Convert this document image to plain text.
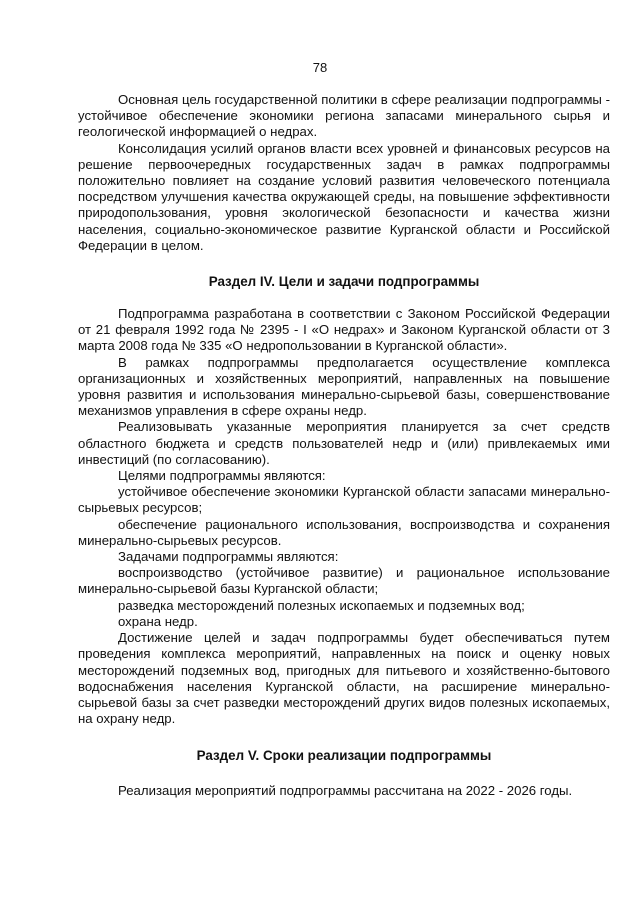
78

Основная цель государственной политики в сфере реализации подпрограммы - устойчивое обеспечение экономики региона запасами минерального сырья и геологической информацией о недрах.

Консолидация усилий органов власти всех уровней и финансовых ресурсов на решение первоочередных государственных задач в рамках подпрограммы положительно повлияет на создание условий развития человеческого потенциала посредством улучшения качества окружающей среды, на повышение эффективности природопользования, уровня экологической безопасности и качества жизни населения, социально-экономическое развитие Курганской области и Российской Федерации в целом.

Раздел IV. Цели и задачи подпрограммы

Подпрограмма разработана в соответствии с Законом Российской Федерации от 21 февраля 1992 года № 2395 - I «О недрах» и Законом Курганской области от 3 марта 2008 года № 335 «О недропользовании в Курганской области».

В рамках подпрограммы предполагается осуществление комплекса организационных и хозяйственных мероприятий, направленных на повышение уровня развития и использования минерально-сырьевой базы, совершенствование механизмов управления в сфере охраны недр.

Реализовывать указанные мероприятия планируется за счет средств областного бюджета и средств пользователей недр и (или) привлекаемых ими инвестиций (по согласованию).

Целями подпрограммы являются:

устойчивое обеспечение экономики Курганской области запасами минерально-сырьевых ресурсов;

обеспечение рационального использования, воспроизводства и сохранения минерально-сырьевых ресурсов.

Задачами подпрограммы являются:

воспроизводство (устойчивое развитие) и рациональное использование минерально-сырьевой базы Курганской области;

разведка месторождений полезных ископаемых и подземных вод;

охрана недр.

Достижение целей и задач подпрограммы будет обеспечиваться путем проведения комплекса мероприятий, направленных на поиск и оценку новых месторождений подземных вод, пригодных для питьевого и хозяйственно-бытового водоснабжения населения Курганской области, на расширение минерально-сырьевой базы за счет разведки месторождений других видов полезных ископаемых, на охрану недр.

Раздел V. Сроки реализации подпрограммы

Реализация мероприятий подпрограммы рассчитана на 2022 - 2026 годы.
